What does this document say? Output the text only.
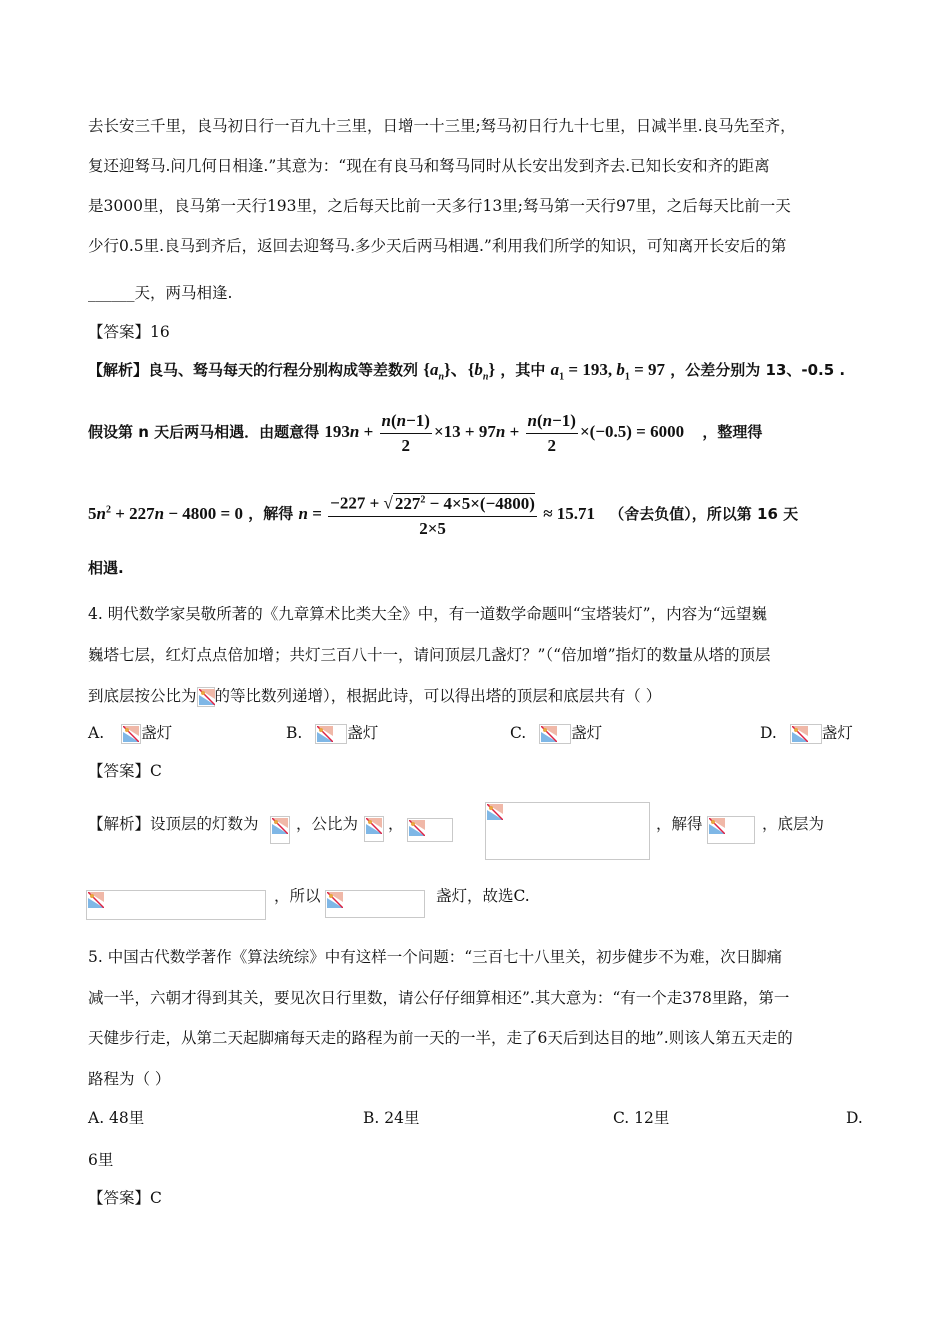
去长安三千里，良马初日行一百九十三里，日增一十三里;驽马初日行九十七里，日减半里.良马先至齐，
复还迎驽马.问几何日相逢.”其意为：“现在有良马和驽马同时从长安出发到齐去.已知长安和齐的距离
是3000里，良马第一天行193里，之后每天比前一天多行13里;驽马第一天行97里，之后每天比前一天
少行0.5里.良马到齐后，返回去迎驽马.多少天后两马相遇.”利用我们所学的知识，可知离开长安后的第
______天，两马相逢.
【答案】16
【解析】良马、驽马每天的行程分别构成等差数列 $\{a_n\}$、$\{b_n\}$ ，其中 $a_1 = 193$, $b_1 = 97$ ，公差分别为 13、-0.5 .
假设第 n 天后两马相遇．由题意得 $193n + \frac{n(n-1)}{2} \times 13 + 97n + \frac{n(n-1)}{2} \times(-0.5) = 6000$ ，整理得
$5n^2 + 227n - 4800 = 0$ ，解得 $n = \frac{-227 + √ 227^2 - 4\times 5\times(-4800)}{2\times 5} \approx 15.71$ （舍去负值），所以第 16 天
相遇.
4. 明代数学家吴敬所著的《九章算术比类大全》中，有一道数学命题叫“宝塔装灯”，内容为“远望巍
巍塔七层，红灯点点倍加增；共灯三百八十一，请问顶层几盏灯？”（“倍加增”指灯的数量从塔的顶层
到底层按公比为 的等比数列递增），根据此诗，可以得出塔的顶层和底层共有（ ）
A. 盏灯	B.	盏灯	C.	盏灯	D.	盏灯
【答案】C
【解析】设顶层的灯数为 ，公比为 ，	，解得	，底层为
，所以	盏灯，故选C.
5. 中国古代数学著作《算法统综》中有这样一个问题：“三百七十八里关，初步健步不为难，次日脚痛
减一半，六朝才得到其关，要见次日行里数，请公仔仔细算相还”.其大意为：“有一个走378里路，第一
天健步行走，从第二天起脚痛每天走的路程为前一天的一半，走了6天后到达目的地”.则该人第五天走的
路程为（ ）
A. 48里	B. 24里	C. 12里	D.
6里
【答案】C
